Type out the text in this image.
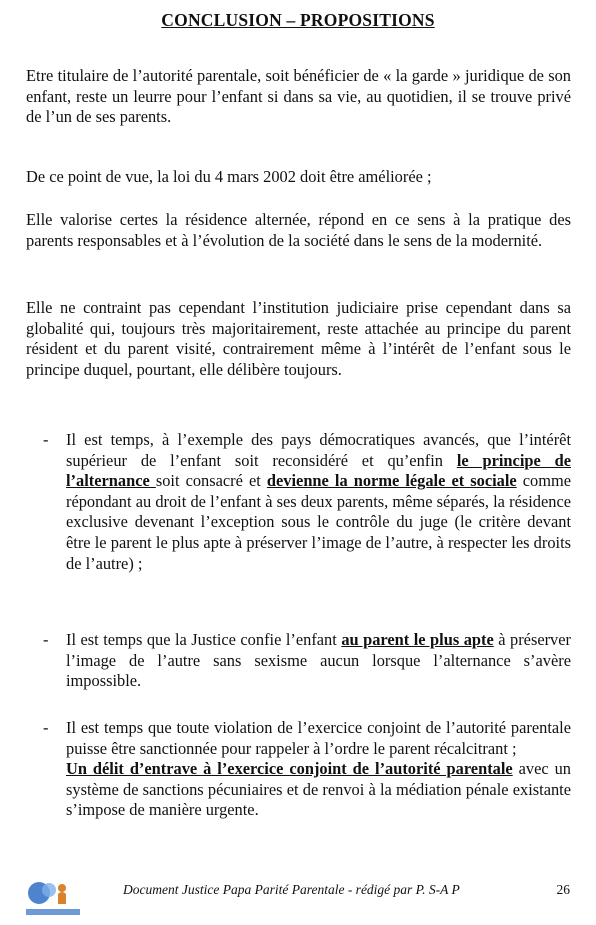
CONCLUSION – PROPOSITIONS
Etre titulaire de l’autorité parentale, soit bénéficier de « la garde » juridique de son enfant, reste un leurre pour l’enfant si dans sa vie, au quotidien, il se trouve privé de l’un de ses parents.
De ce point de vue, la loi du 4 mars 2002 doit être améliorée ;
Elle valorise certes la résidence alternée, répond en ce sens à la pratique des parents responsables et à l’évolution de la société dans le sens de la modernité.
Elle ne contraint pas cependant l’institution judiciaire prise cependant dans sa globalité qui, toujours très majoritairement, reste attachée au principe du parent résident et du parent visité, contrairement même à l’intérêt de l’enfant sous le principe duquel, pourtant, elle délibère toujours.
- Il est temps, à l’exemple des pays démocratiques avancés, que l’intérêt supérieur de l’enfant soit reconsidéré et qu’enfin le principe de l’alternance soit consacré et devienne la norme légale et sociale comme répondant au droit de l’enfant à ses deux parents, même séparés, la résidence exclusive devenant l’exception sous le contrôle du juge (le critère devant être le parent le plus apte à préserver l’image de l’autre, à respecter les droits de l’autre) ;
- Il est temps que la Justice confie l’enfant au parent le plus apte à préserver l’image de l’autre sans sexisme aucun lorsque l’alternance s’avère impossible.
- Il est temps que toute violation de l’exercice conjoint de l’autorité parentale puisse être sanctionnée pour rappeler à l’ordre le parent récalcitrant ;
Un délit d’entrave à l’exercice conjoint de l’autorité parentale avec un système de sanctions pécuniaires et de renvoi à la médiation pénale existante s’impose de manière urgente.
Document Justice Papa Parité Parentale - rédigé par P. S-A P	26
